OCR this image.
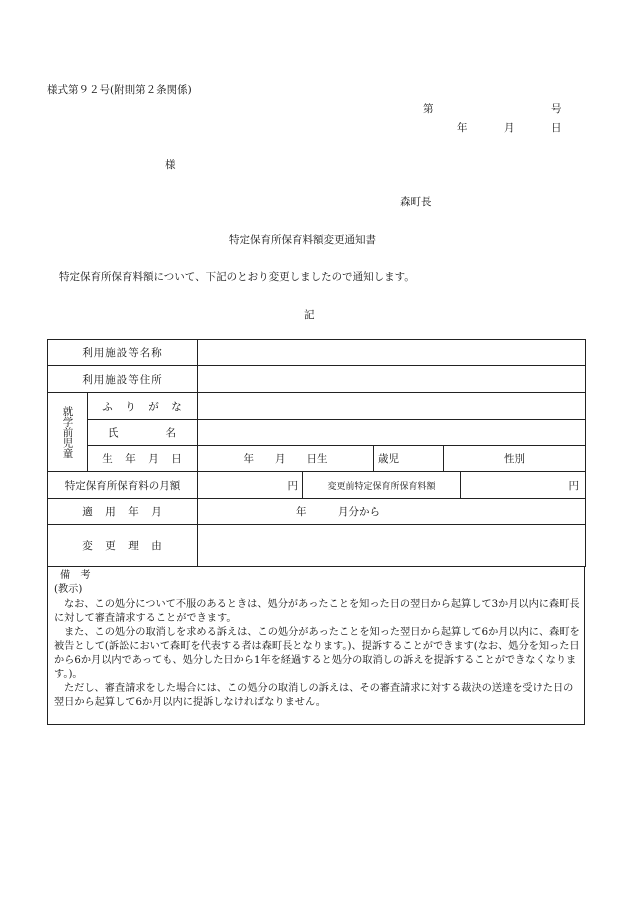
様式第９２号(附則第２条関係)
第	号
年	月	日
様
森町長
特定保育所保育料額変更通知書
特定保育所保育料額について、下記のとおり変更しましたので通知します。
記
利用施設等名称							
利用施設等住所							

就学前児童	ふ　り　が　な						
	氏　　　　名						
	生　年　月　日	年　　月　　日生		歳児	性別	
特定保育所保育料の月額		円	変更前特定保育所保育料額			円	
適　用　年　月		年　　　月分から					
変　更　理　由							
備　考
(教示)
なお、この処分について不服のあるときは、処分があったことを知った日の翌日から起算して3か月以内に森町長に対して審査請求することができます。
また、この処分の取消しを求める訴えは、この処分があったことを知った翌日から起算して6か月以内に、森町を被告として(訴訟において森町を代表する者は森町長となります。)、提訴することができます(なお、処分を知った日から6か月以内であっても、処分した日から1年を経過すると処分の取消しの訴えを提訴することができなくなります。)。
ただし、審査請求をした場合には、この処分の取消しの訴えは、その審査請求に対する裁決の送達を受けた日の翌日から起算して6か月以内に提訴しなければなりません。
